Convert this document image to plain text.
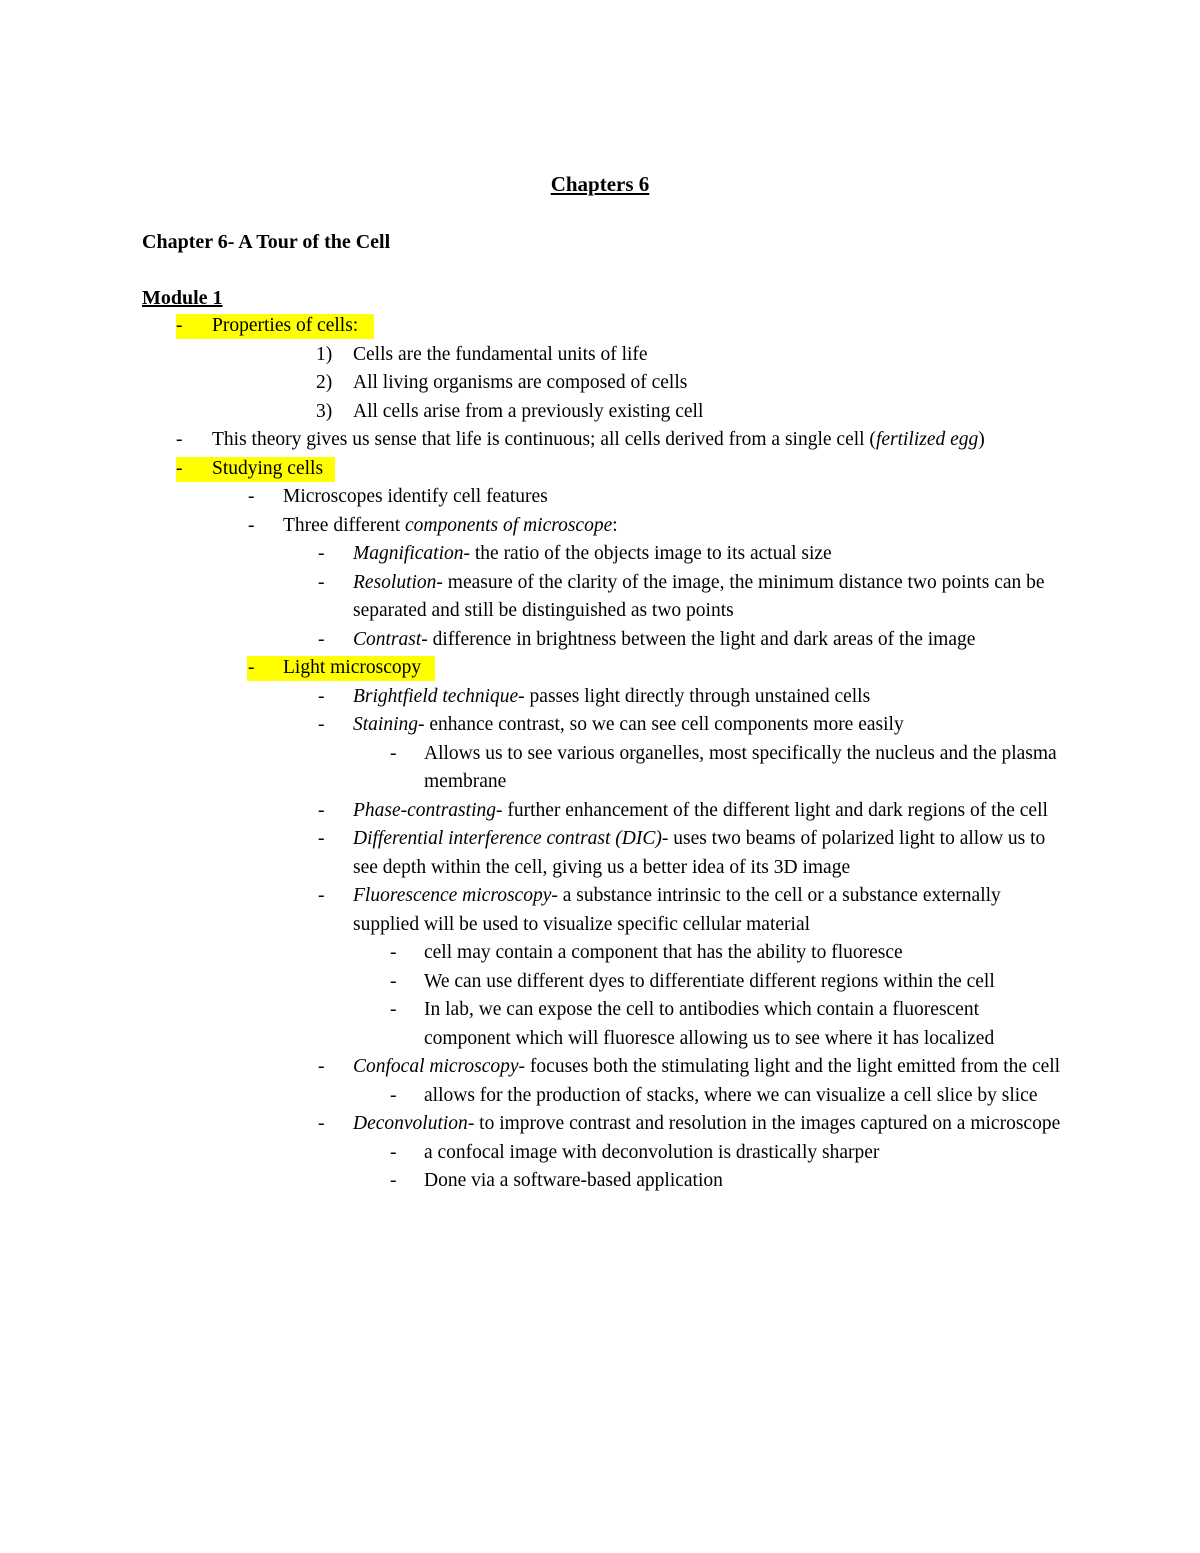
Chapters 6
Chapter 6- A Tour of the Cell
Module 1
- Properties of cells:
1) Cells are the fundamental units of life
2) All living organisms are composed of cells
3) All cells arise from a previously existing cell
- This theory gives us sense that life is continuous; all cells derived from a single cell (fertilized egg)
- Studying cells
- Microscopes identify cell features
- Three different components of microscope:
- Magnification- the ratio of the objects image to its actual size
- Resolution- measure of the clarity of the image, the minimum distance two points can be separated and still be distinguished as two points
- Contrast- difference in brightness between the light and dark areas of the image
- Light microscopy
- Brightfield technique- passes light directly through unstained cells
- Staining- enhance contrast, so we can see cell components more easily
- Allows us to see various organelles, most specifically the nucleus and the plasma membrane
- Phase-contrasting- further enhancement of the different light and dark regions of the cell
- Differential interference contrast (DIC)- uses two beams of polarized light to allow us to see depth within the cell, giving us a better idea of its 3D image
- Fluorescence microscopy- a substance intrinsic to the cell or a substance externally supplied will be used to visualize specific cellular material
- cell may contain a component that has the ability to fluoresce
- We can use different dyes to differentiate different regions within the cell
- In lab, we can expose the cell to antibodies which contain a fluorescent component which will fluoresce allowing us to see where it has localized
- Confocal microscopy- focuses both the stimulating light and the light emitted from the cell
- allows for the production of stacks, where we can visualize a cell slice by slice
- Deconvolution- to improve contrast and resolution in the images captured on a microscope
- a confocal image with deconvolution is drastically sharper
- Done via a software-based application
